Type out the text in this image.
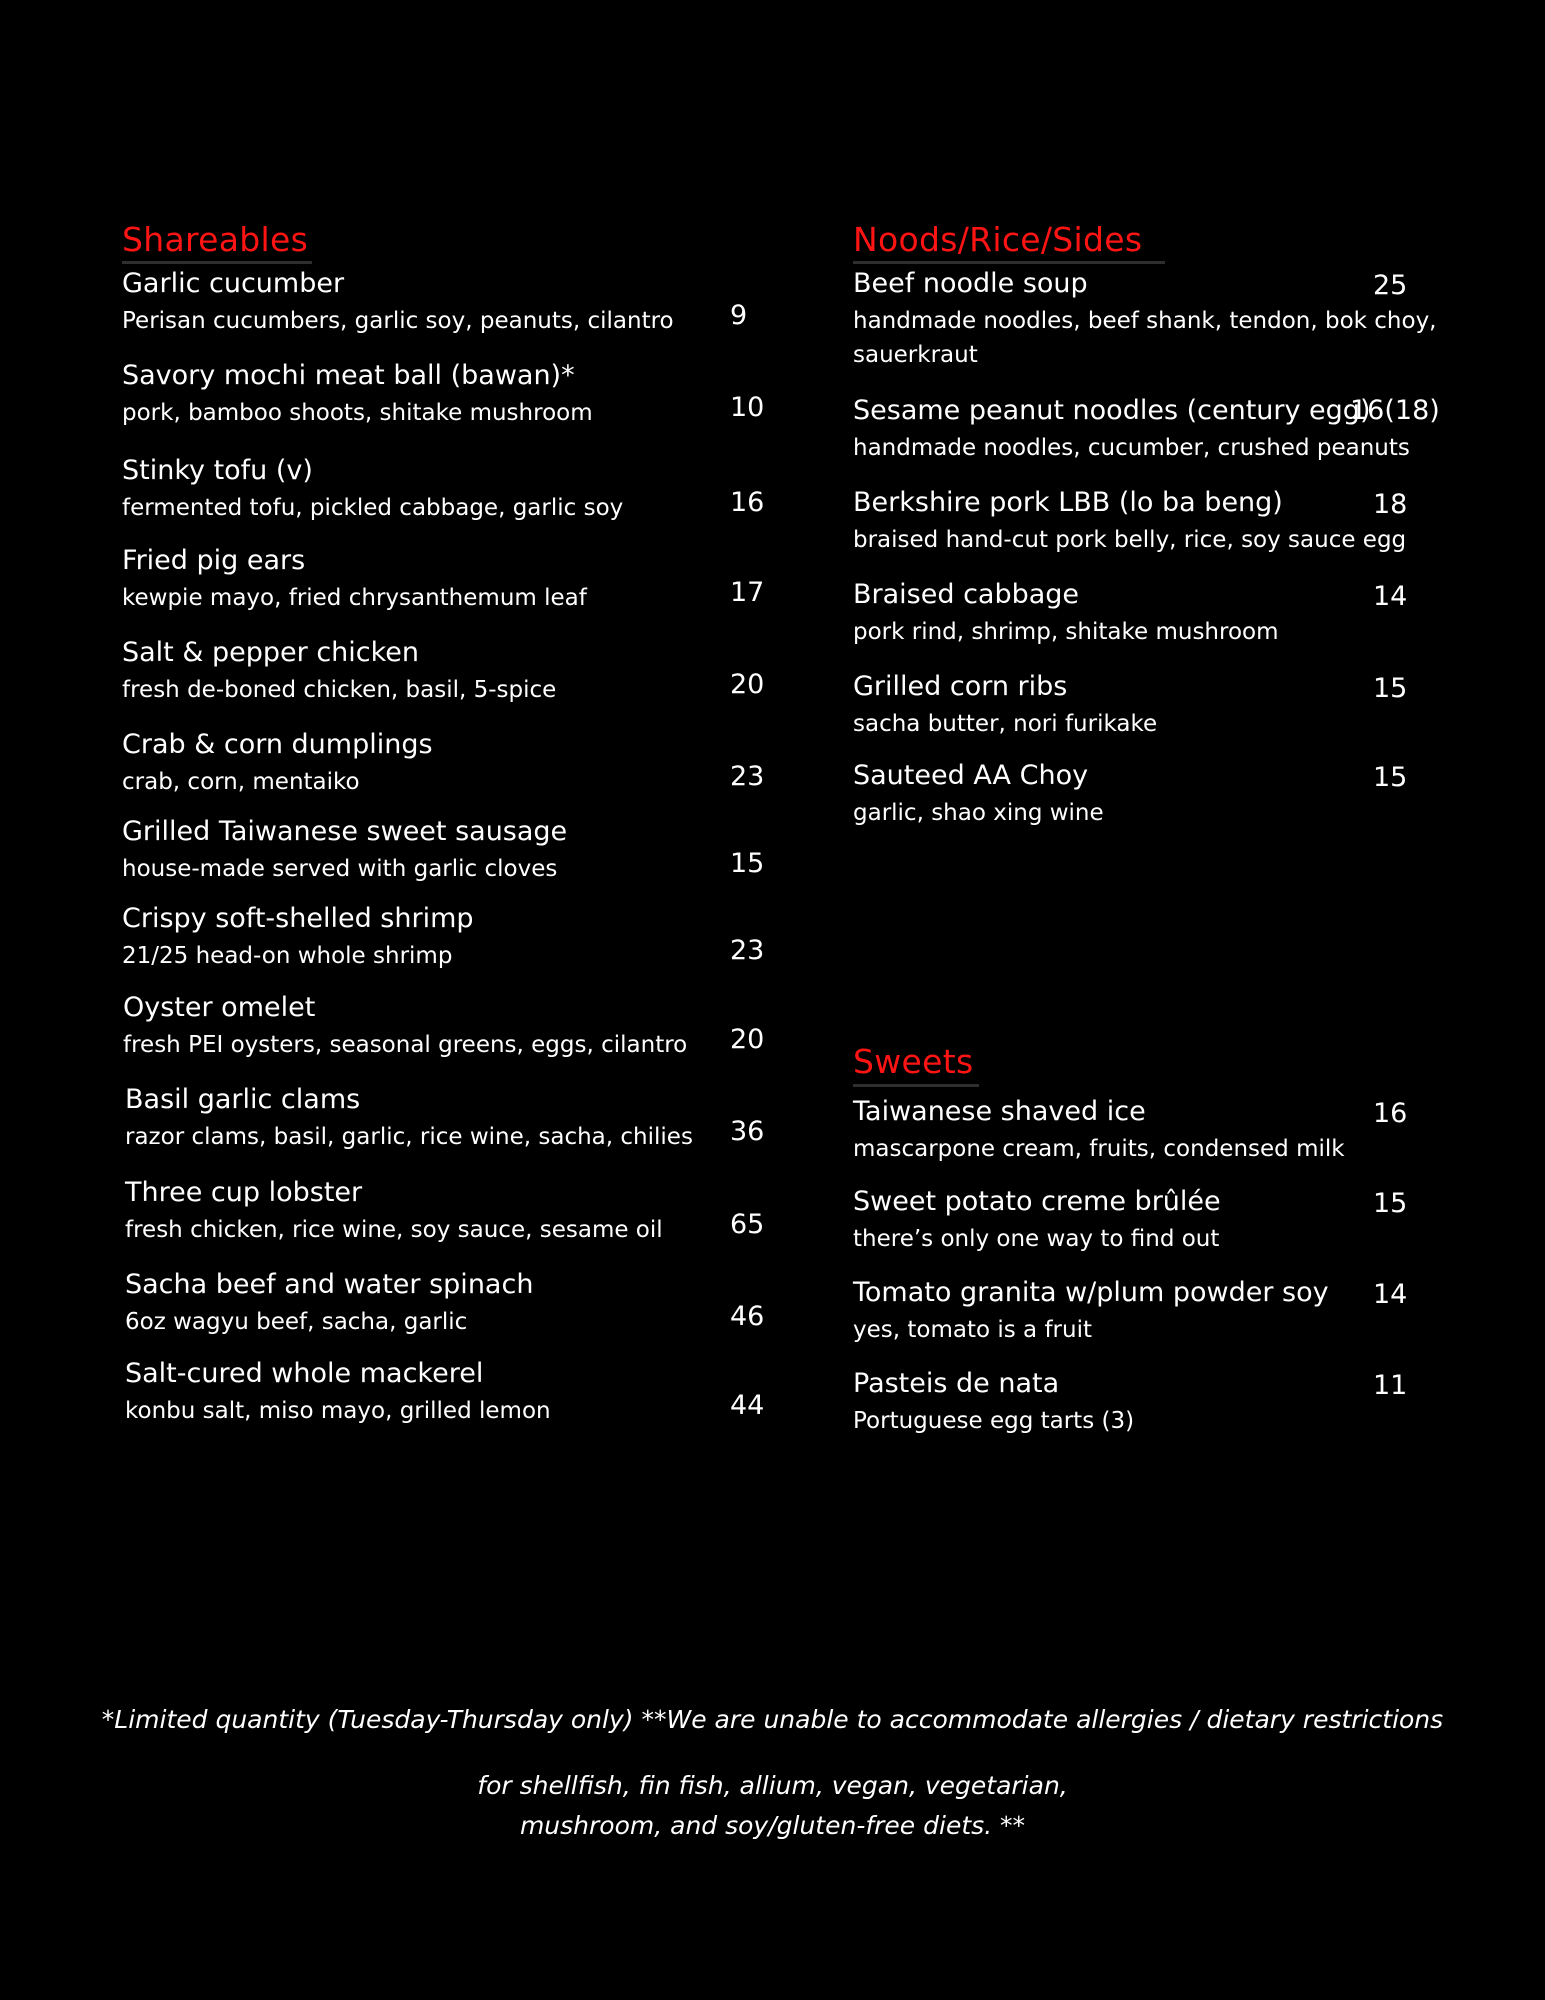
Shareables
Garlic cucumber
Perisan cucumbers, garlic soy, peanuts, cilantro 9
Savory mochi meat ball (bawan)*
pork, bamboo shoots, shitake mushroom	10
Stinky tofu (v)
fermented tofu, pickled cabbage, garlic soy	16
Fried pig ears
kewpie mayo, fried chrysanthemum leaf	17
Salt & pepper chicken
fresh de-boned chicken, basil, 5-spice	20
Crab & corn dumplings
crab, corn, mentaiko	23
Grilled Taiwanese sweet sausage
house-made served with garlic cloves	15
Crispy soft-shelled shrimp
21/25 head-on whole shrimp	23
Oyster omelet
fresh PEI oysters, seasonal greens, eggs, cilantro 20
Basil garlic clams
razor clams, basil, garlic, rice wine, sacha, chilies 36
Three cup lobster
fresh chicken, rice wine, soy sauce, sesame oil 65
Sacha beef and water spinach
6oz wagyu beef, sacha, garlic	46
Salt-cured whole mackerel
konbu salt, miso mayo, grilled lemon	44
Noods/Rice/Sides
Beef noodle soup
handmade noodles, beef shank, tendon, bok choy,
sauerkraut
25
Sesame peanut noodles (century egg)
handmade noodles, cucumber, crushed peanuts
16(18)
Berkshire pork LBB (lo ba beng)
braised hand-cut pork belly, rice, soy sauce egg
18
Braised cabbage
pork rind, shrimp, shitake mushroom
14
Grilled corn ribs
sacha butter, nori furikake
15
Sauteed AA Choy
garlic, shao xing wine
15
Sweets
Taiwanese shaved ice
mascarpone cream, fruits, condensed milk
16
Sweet potato creme brûlée
there’s only one way to find out
15
Tomato granita w/plum powder soy
yes, tomato is a fruit
14
Pasteis de nata
Portuguese egg tarts (3)
11
*Limited quantity (Tuesday-Thursday only) **We are unable to accommodate allergies / dietary restrictions
for shellfish, fin fish, allium, vegan, vegetarian,
mushroom, and soy/gluten-free diets. **
